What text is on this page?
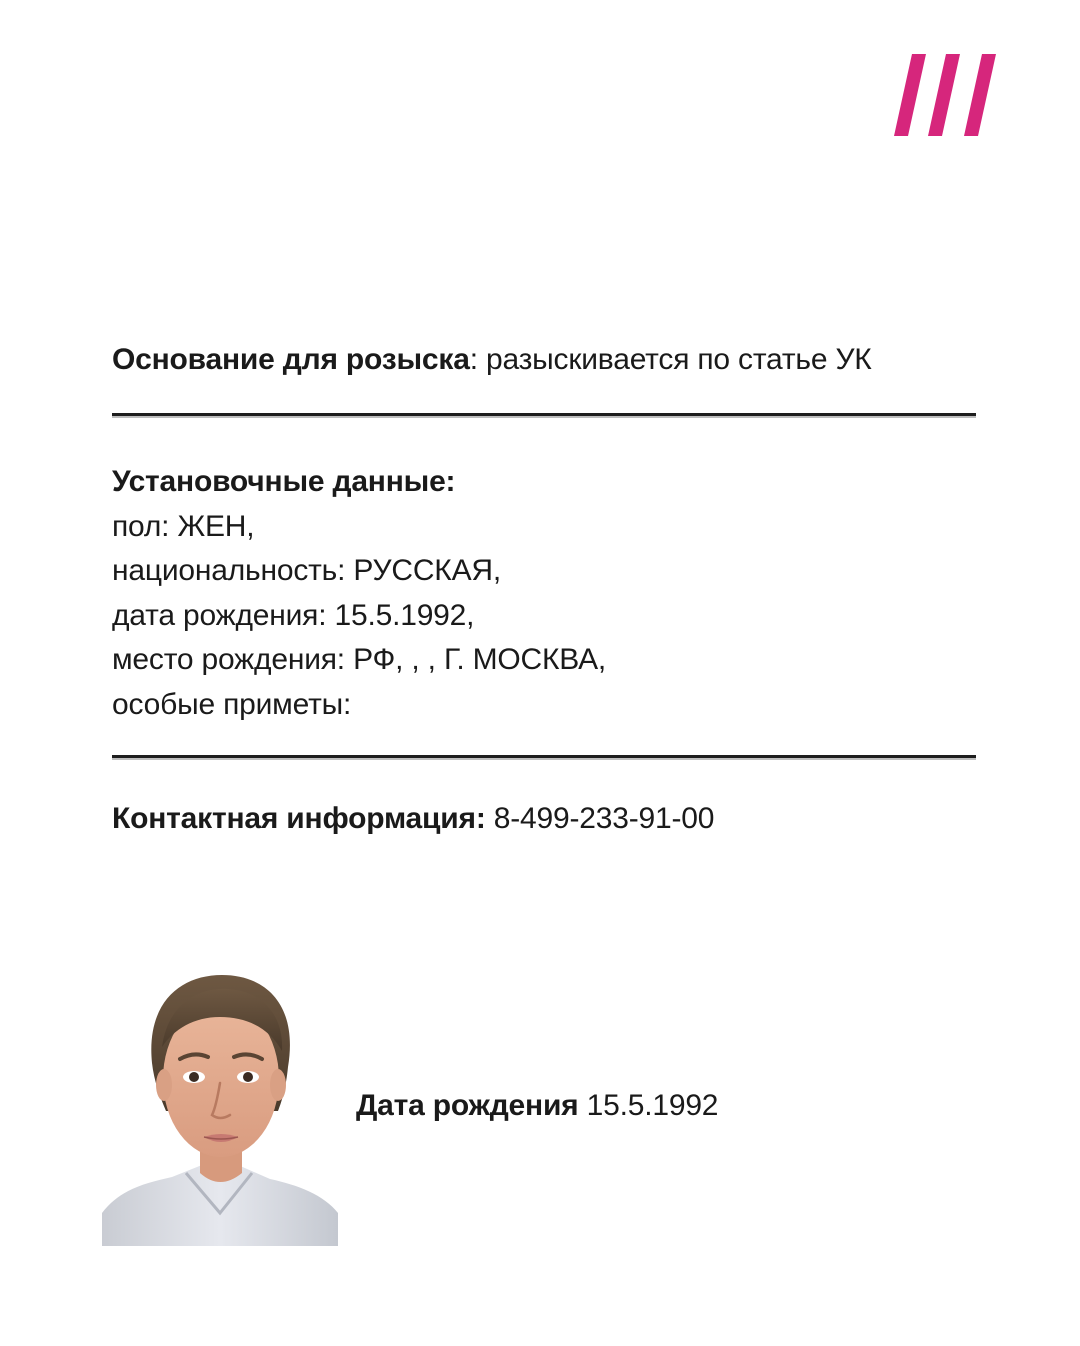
Основание для розыска: разыскивается по статье УК
Установочные данные:
пол: ЖЕН,
национальность: РУССКАЯ,
дата рождения: 15.5.1992,
место рождения: РФ, , , Г. МОСКВА,
особые приметы:
Контактная информация: 8-499-233-91-00
Дата рождения 15.5.1992
